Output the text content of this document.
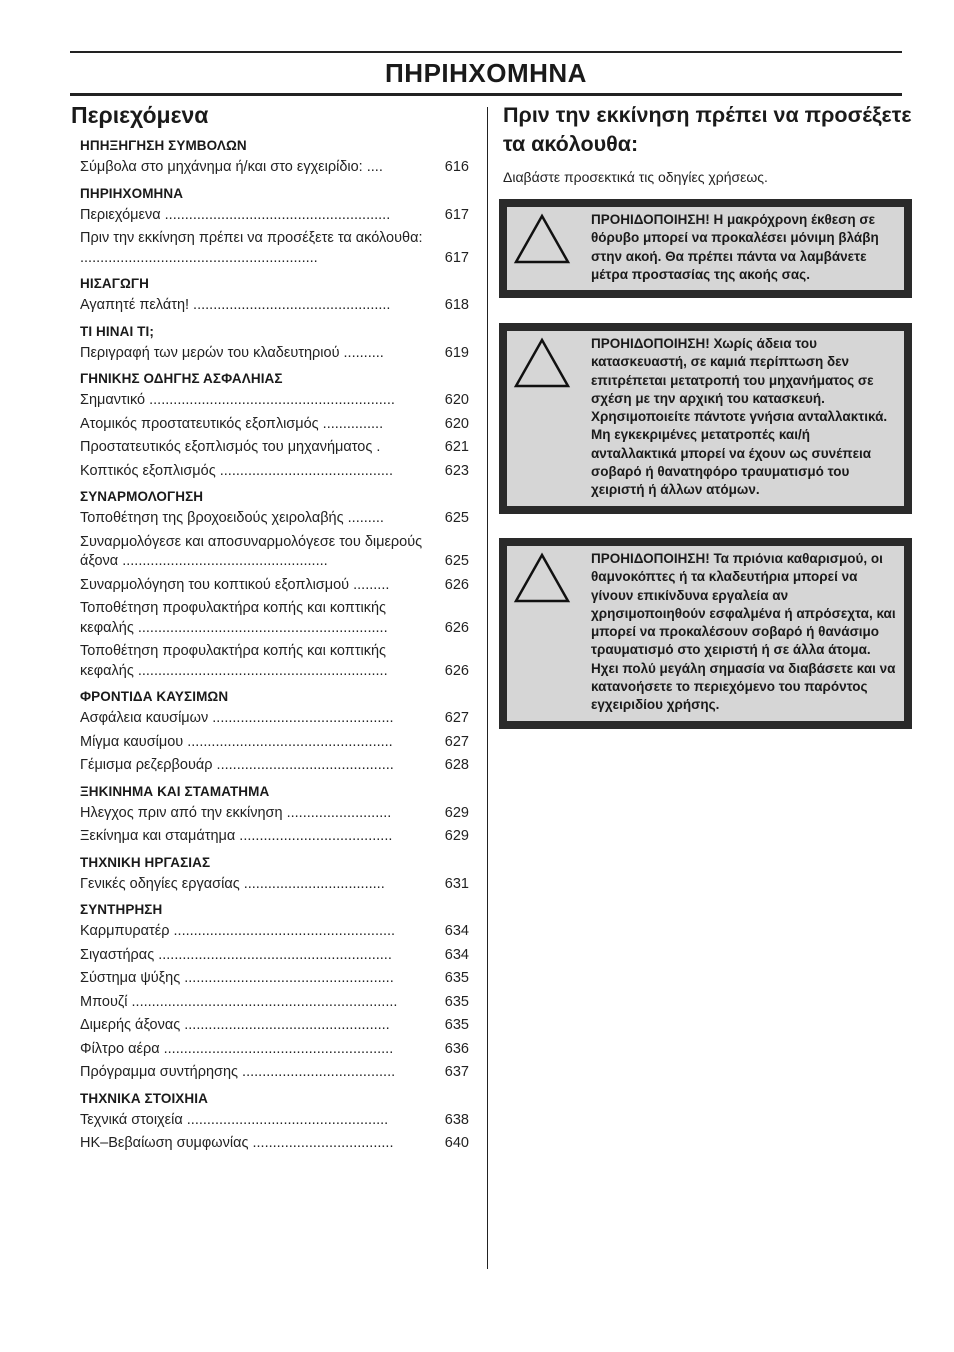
ΠΗΡΙΗΧΟΜΗΝΑ
Περιεχόμενα
ΗΠΗΞΗΓΗΣΗ ΣΥΜΒΟΛΩΝ
Σύμβολα στο μηχάνημα ή/και στο εγχειρίδιο: ....	616
ΠΗΡΙΗΧΟΜΗΝΑ
Περιεχόμενα ........................................................	617
Πριν την εκκίνηση πρέπει να προσέξετε τα ακόλουθα: ...........................................................	617
ΗΙΣΑΓΩΓΗ
Αγαπητέ πελάτη! .................................................	618
ΤΙ ΗΙΝΑΙ ΤΙ;
Περιγραφή των μερών του κλαδευτηριού ..........	619
ΓΗΝΙΚΗΣ ΟΔΗΓΗΣ ΑΣΦΑΛΗΙΑΣ
Σημαντικό .............................................................	620
Ατομικός προστατευτικός εξοπλισμός ...............	620
Προστατευτικός εξοπλισμός του μηχανήματος .	621
Κοπτικός εξοπλισμός ...........................................	623
ΣΥΝΑΡΜΟΛΟΓΗΣΗ
Τοποθέτηση της βροχοειδούς χειρολαβής .........	625
Συναρμολόγεσε και αποσυναρμολόγεσε του διμερούς άξονα ...................................................	625
Συναρμολόγηση του κοπτικού εξοπλισμού .........	626
Τοποθέτηση προφυλακτήρα κοπής και κοπτικής κεφαλής ..............................................................	626
Τοποθέτηση προφυλακτήρα κοπής και κοπτικής κεφαλής ..............................................................	626
ΦΡΟΝΤΙΔΑ ΚΑΥΣΙΜΩΝ
Ασφάλεια καυσίμων .............................................	627
Μίγμα καυσίμου ...................................................	627
Γέμισμα ρεζερβουάρ ............................................	628
ΞΗΚΙΝΗΜΑ ΚΑΙ ΣΤΑΜΑΤΗΜΑ
Ηλεγχος πριν από την εκκίνηση ..........................	629
Ξεκίνημα και σταμάτημα ......................................	629
ΤΗΧΝΙΚΗ ΗΡΓΑΣΙΑΣ
Γενικές οδηγίες εργασίας ...................................	631
ΣΥΝΤΗΡΗΣΗ
Καρμπυρατέρ .......................................................	634
Σιγαστήρας ..........................................................	634
Σύστημα ψύξης ....................................................	635
Μπουζί ..................................................................	635
Διμερής άξονας ...................................................	635
Φίλτρο αέρα .........................................................	636
Πρόγραμμα συντήρησης ......................................	637
ΤΗΧΝΙΚΑ ΣΤΟΙΧΗΙΑ
Τεχνικά στοιχεία ..................................................	638
ΗΚ–Βεβαίωση συμφωνίας ...................................	640
Πριν την εκκίνηση πρέπει να προσέξετε τα ακόλουθα:
Διαβάστε προσεκτικά τις οδηγίες χρήσεως.
ΠΡΟΗΙΔΟΠΟΙΗΣΗ! Η μακρόχρονη έκθεση σε θόρυβο μπορεί να προκαλέσει μόνιμη βλάβη στην ακοή. Θα πρέπει πάντα να λαμβάνετε μέτρα προστασίας της ακοής σας.
ΠΡΟΗΙΔΟΠΟΙΗΣΗ! Χωρίς άδεια του κατασκευαστή, σε καμιά περίπτωση δεν επιτρέπεται μετατροπή του μηχανήματος σε σχέση με την αρχική του κατασκευή. Χρησιμοποιείτε πάντοτε γνήσια ανταλλακτικά. Μη εγκεκριμένες μετατροπές και/ή ανταλλακτικά μπορεί να έχουν ως συνέπεια σοβαρό ή θανατηφόρο τραυματισμό του χειριστή ή άλλων ατόμων.
ΠΡΟΗΙΔΟΠΟΙΗΣΗ! Τα πριόνια καθαρισμού, οι θαμνοκόπτες ή τα κλαδευτήρια μπορεί να γίνουν επικίνδυνα εργαλεία αν χρησιμοποιηθούν εσφαλμένα ή απρόσεχτα, και μπορεί να προκαλέσουν σοβαρό ή θανάσιμο τραυματισμό στο χειριστή ή σε άλλα άτομα. Ηχει πολύ μεγάλη σημασία να διαβάσετε και να κατανοήσετε το περιεχόμενο του παρόντος εγχειριδίου χρήσης.
